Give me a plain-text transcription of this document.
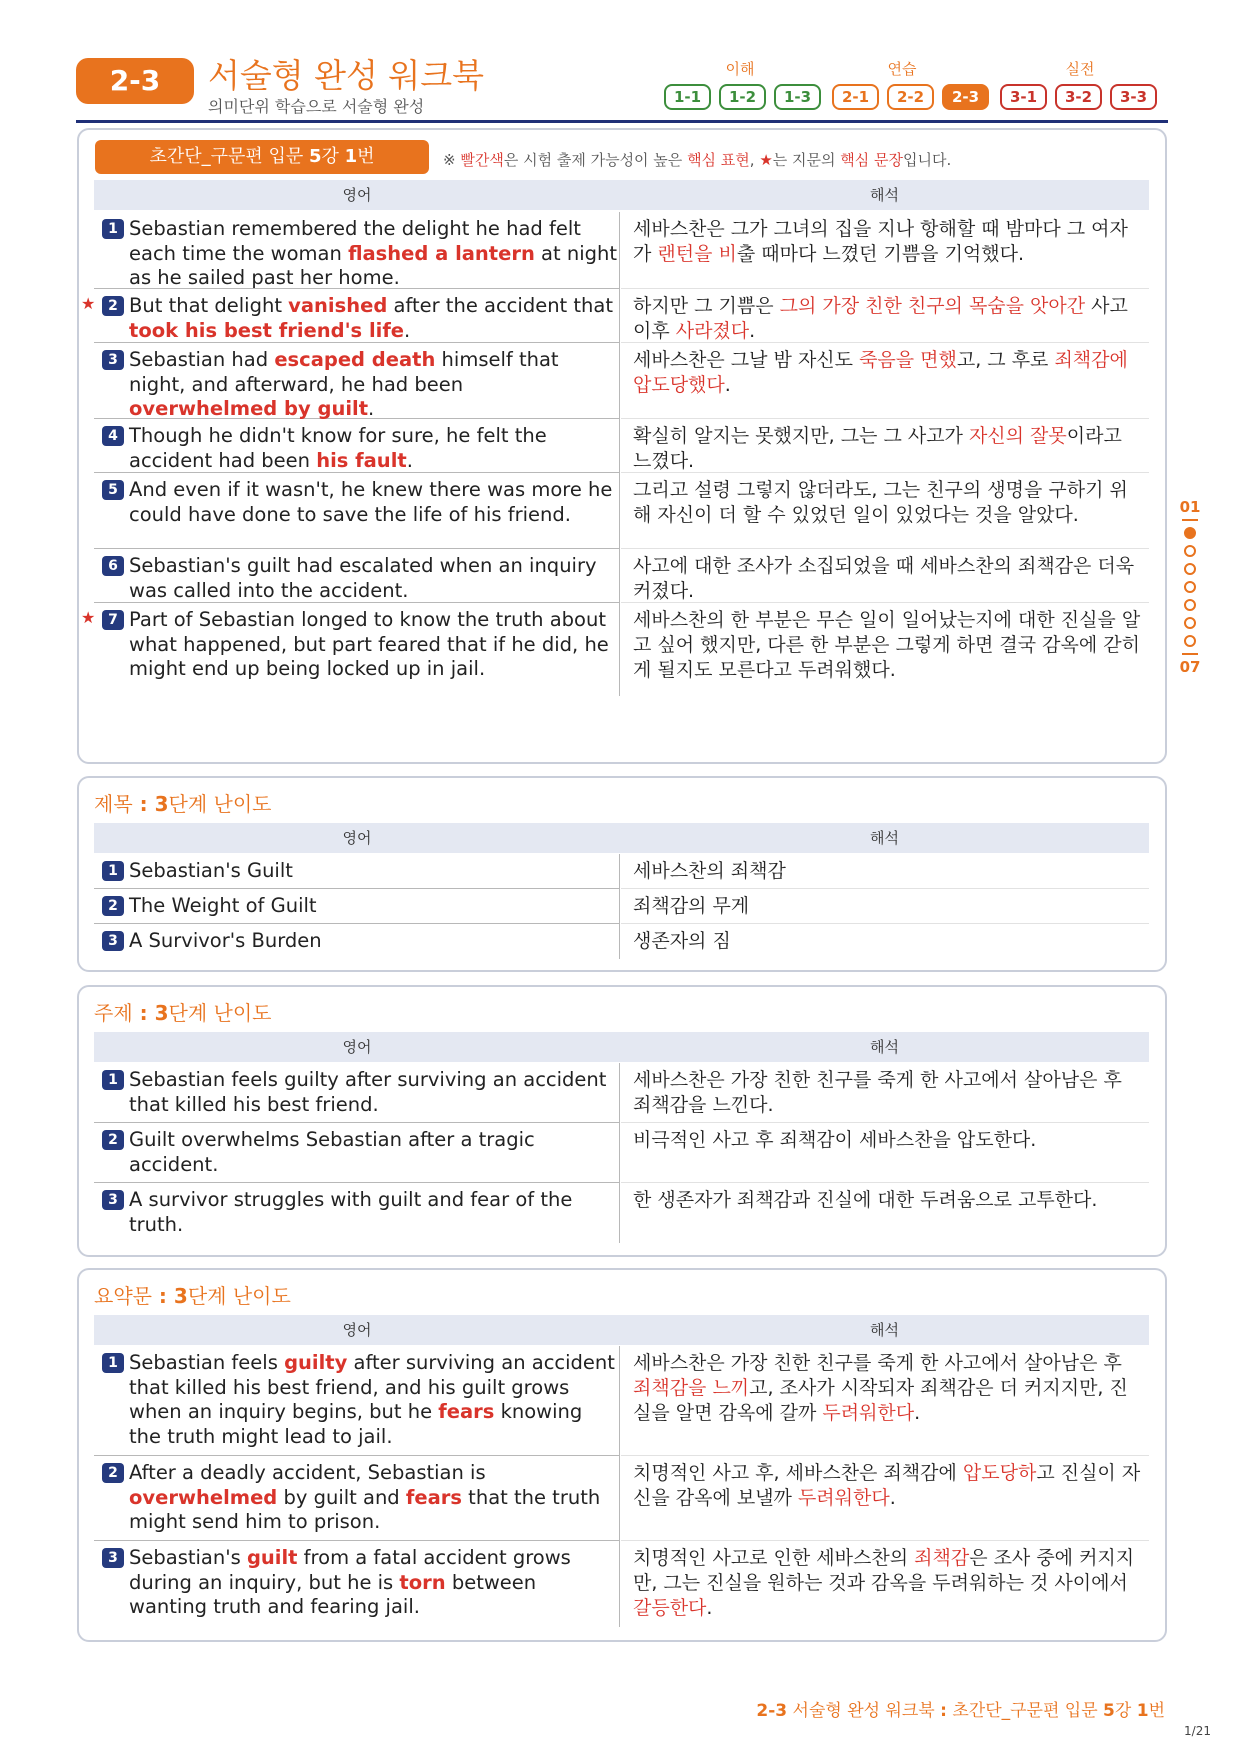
2-3	서술형 완성 워크북
의미단위 학습으로 서술형 완성
이해	연습	실전
1-1	1-2	1-3	2-1	2-2	2-3	3-1	3-2	3-3
초간단_구문편 입문 5강 1번	※ 빨간색은 시험 출제 가능성이 높은 핵심 표현, ★는 지문의 핵심 문장입니다.
영어	해석
1 Sebastian remembered the delight he had felt each time the woman flashed a lantern at night as he sailed past her home.
세바스찬은 그가 그녀의 집을 지나 항해할 때 밤마다 그 여자가 랜턴을 비출 때마다 느꼈던 기쁨을 기억했다.
★ 2 But that delight vanished after the accident that took his best friend's life.
하지만 그 기쁨은 그의 가장 친한 친구의 목숨을 앗아간 사고 이후 사라졌다.
3 Sebastian had escaped death himself that night, and afterward, he had been overwhelmed by guilt.
세바스찬은 그날 밤 자신도 죽음을 면했고, 그 후로 죄책감에 압도당했다.
4 Though he didn't know for sure, he felt the accident had been his fault.
확실히 알지는 못했지만, 그는 그 사고가 자신의 잘못이라고 느꼈다.
5 And even if it wasn't, he knew there was more he could have done to save the life of his friend.
그리고 설령 그렇지 않더라도, 그는 친구의 생명을 구하기 위해 자신이 더 할 수 있었던 일이 있었다는 것을 알았다.
6 Sebastian's guilt had escalated when an inquiry was called into the accident.
사고에 대한 조사가 소집되었을 때 세바스찬의 죄책감은 더욱 커졌다.
★ 7 Part of Sebastian longed to know the truth about what happened, but part feared that if he did, he might end up being locked up in jail.
세바스찬의 한 부분은 무슨 일이 일어났는지에 대한 진실을 알고 싶어 했지만, 다른 한 부분은 그렇게 하면 결국 감옥에 갇히게 될지도 모른다고 두려워했다.
제목 : 3단계 난이도
영어	해석
1 Sebastian's Guilt	세바스찬의 죄책감
2 The Weight of Guilt	죄책감의 무게
3 A Survivor's Burden	생존자의 짐
주제 : 3단계 난이도
영어	해석
1 Sebastian feels guilty after surviving an accident that killed his best friend.
세바스찬은 가장 친한 친구를 죽게 한 사고에서 살아남은 후 죄책감을 느낀다.
2 Guilt overwhelms Sebastian after a tragic accident.
비극적인 사고 후 죄책감이 세바스찬을 압도한다.
3 A survivor struggles with guilt and fear of the truth.
한 생존자가 죄책감과 진실에 대한 두려움으로 고투한다.
요약문 : 3단계 난이도
영어	해석
1 Sebastian feels guilty after surviving an accident that killed his best friend, and his guilt grows when an inquiry begins, but he fears knowing the truth might lead to jail.
세바스찬은 가장 친한 친구를 죽게 한 사고에서 살아남은 후 죄책감을 느끼고, 조사가 시작되자 죄책감은 더 커지지만, 진실을 알면 감옥에 갈까 두려워한다.
2 After a deadly accident, Sebastian is overwhelmed by guilt and fears that the truth might send him to prison.
치명적인 사고 후, 세바스찬은 죄책감에 압도당하고 진실이 자신을 감옥에 보낼까 두려워한다.
3 Sebastian's guilt from a fatal accident grows during an inquiry, but he is torn between wanting truth and fearing jail.
치명적인 사고로 인한 세바스찬의 죄책감은 조사 중에 커지지만, 그는 진실을 원하는 것과 감옥을 두려워하는 것 사이에서 갈등한다.
01
07
2-3 서술형 완성 워크북 : 초간단_구문편 입문 5강 1번
1/21
